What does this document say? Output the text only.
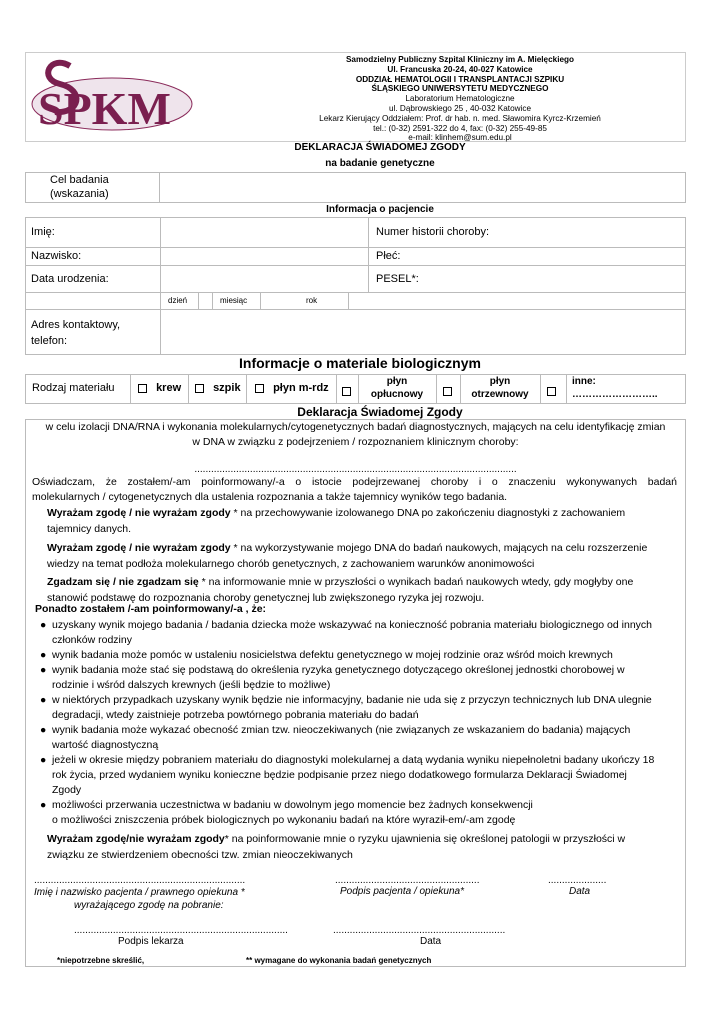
SPKM
Samodzielny Publiczny Szpital Kliniczny im A. Mielęckiego
Ul. Francuska 20-24, 40-027 Katowice
ODDZIAŁ HEMATOLOGII I TRANSPLANTACJI SZPIKU
ŚLĄSKIEGO UNIWERSYTETU MEDYCZNEGO
Laboratorium Hematologiczne
ul. Dąbrowskiego 25 , 40-032 Katowice
Lekarz Kierujący Oddziałem: Prof. dr hab. n. med. Sławomira Kyrcz-Krzemień
tel.: (0-32) 2591-322 do 4, fax: (0-32) 255-49-85
e-mail: klinhem@sum.edu.pl
DEKLARACJA ŚWIADOMEJ ZGODY
na badanie genetyczne
Cel badania
(wskazania)
Informacja o pacjencie
Imię:	Numer historii choroby:
Nazwisko:	Płeć:
Data urodzenia:	PESEL*:
dzień	miesiąc	rok
Adres kontaktowy,
telefon:
Informacje o materiale biologicznym
Rodzaj materiału	krew	szpik	płyn m-rdz
płyn
opłucnowy
płyn
otrzewnowy
inne:
……………………..
Deklaracja Świadomej Zgody
w celu izolacji DNA/RNA i wykonania molekularnych/cytogenetycznych badań diagnostycznych, mających na celu identyfikację zmian
w DNA w związku z podejrzeniem / rozpoznaniem klinicznym choroby:
....................................................................................................................
Oświadczam, że zostałem/-am poinformowany/-a o istocie podejrzewanej choroby i o znaczeniu wykonywanych badań
molekularnych / cytogenetycznych dla ustalenia rozpoznania a także tajemnicy wyników tego badania.
Wyrażam zgodę / nie wyrażam zgody * na przechowywanie izolowanego DNA po zakończeniu diagnostyki z zachowaniem
tajemnicy danych.
Wyrażam zgodę / nie wyrażam zgody * na wykorzystywanie mojego DNA do badań naukowych, mających na celu rozszerzenie
wiedzy na temat podłoża molekularnego chorób genetycznych, z zachowaniem warunków anonimowości
Zgadzam się / nie zgadzam się * na informowanie mnie w przyszłości o wynikach badań naukowych wtedy, gdy mogłyby one
stanowić podstawę do rozpoznania choroby genetycznej lub zwiększonego ryzyka jej rozwoju.
Ponadto zostałem /-am poinformowany/-a , że:
● uzyskany wynik mojego badania / badania dziecka może wskazywać na konieczność pobrania materiału biologicznego od innych
członków rodziny
● wynik badania może pomóc w ustaleniu nosicielstwa defektu genetycznego w mojej rodzinie oraz wśród moich krewnych
● wynik badania może stać się podstawą do określenia ryzyka genetycznego dotyczącego określonej jednostki chorobowej w
rodzinie i wśród dalszych krewnych (jeśli będzie to możliwe)
● w niektórych przypadkach uzyskany wynik będzie nie informacyjny, badanie nie uda się z przyczyn technicznych lub DNA ulegnie
degradacji, wtedy zaistnieje potrzeba powtórnego pobrania materiału do badań
● wynik badania może wykazać obecność zmian tzw. nieoczekiwanych (nie związanych ze wskazaniem do badania) mających
wartość diagnostyczną
● jeżeli w okresie między pobraniem materiału do diagnostyki molekularnej a datą wydania wyniku niepełnoletni badany ukończy 18
rok życia, przed wydaniem wyniku konieczne będzie podpisanie przez niego dodatkowego formularza Deklaracji Świadomej
Zgody
● możliwości przerwania uczestnictwa w badaniu w dowolnym jego momencie bez żadnych konsekwencji
o możliwości zniszczenia próbek biologicznych po wykonaniu badań na które wyraził-em/-am zgodę
Wyrażam zgodę/nie wyrażam zgody* na poinformowanie mnie o ryzyku ujawnienia się określonej patologii w przyszłości w
związku ze stwierdzeniem obecności tzw. zmian nieoczekiwanych
............................................................................	....................................................	.....................
Imię i nazwisko pacjenta / prawnego opiekuna *
wyrażającego zgodę na pobranie:
Podpis pacjenta / opiekuna*	Data
.............................................................................	..............................................................
Podpis lekarza	Data
*niepotrzebne skreślić,	** wymagane do wykonania badań genetycznych
